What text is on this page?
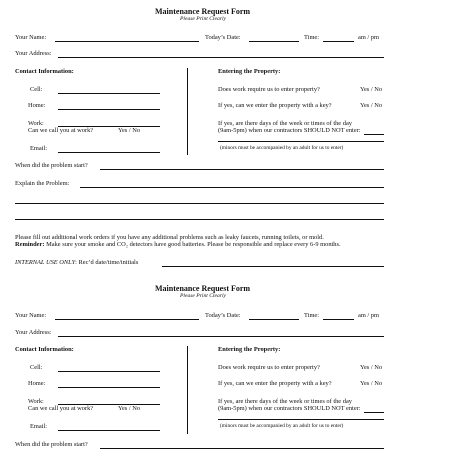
Maintenance Request Form
Please Print Clearly
Your Name:	Today’s Date:	Time:	am / pm
Your Address:
Contact Information:	Entering the Property:
Cell:	Does work require us to enter property?	Yes / No
Home:	If yes, can we enter the property with a key?	Yes / No
Work:
Can we call you at work?	Yes / No
If yes, are there days of the week or times of the day
(9am-5pm) when our contractors SHOULD NOT enter:
Email:	(minors must be accompanied by an adult for us to enter)
When did the problem start?
Explain the Problem:
Please fill out additional work orders if you have any additional problems such as leaky faucets, running toilets, or mold.
Reminder: Make sure your smoke and CO₂ detectors have good batteries. Please be responsible and replace every 6-9 months.
INTERNAL USE ONLY: Rec’d date/time/initials
Maintenance Request Form
Please Print Clearly
Your Name:	Today’s Date:	Time:	am / pm
Your Address:
Contact Information:	Entering the Property:
Cell:	Does work require us to enter property?	Yes / No
Home:	If yes, can we enter the property with a key?	Yes / No
Work:
Can we call you at work?	Yes / No
If yes, are there days of the week or times of the day
(9am-5pm) when our contractors SHOULD NOT enter:
Email:	(minors must be accompanied by an adult for us to enter)
When did the problem start?
